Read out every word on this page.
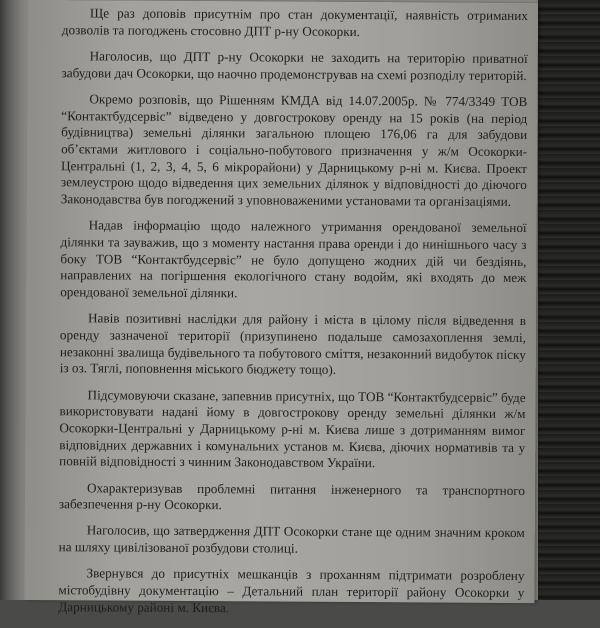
Ще раз доповів присутнім про стан документації, наявність отриманих дозволів та погоджень стосовно ДПТ р-ну Осокорки.

Наголосив, що ДПТ р-ну Осокорки не заходить на територію приватної забудови дач Осокорки, що наочно продемонстрував на схемі розподілу територій.

Окремо розповів, що Рішенням КМДА від 14.07.2005р. № 774/3349 ТОВ “Контактбудсервіс” відведено у довгострокову оренду на 15 років (на період будівництва) земельні ділянки загальною площею 176,06 га для забудови об’єктами житлового і соціально-побутового призначення у ж/м Осокорки-Центральні (1, 2, 3, 4, 5, 6 мікрорайони) у Дарницькому р-ні м. Києва. Проект землеустрою щодо відведення цих земельних ділянок у відповідності до діючого Законодавства був погоджений з уповноваженими установами та організаціями.

Надав інформацію щодо належного утримання орендованої земельної ділянки та зауважив, що з моменту настання права оренди і до нинішнього часу з боку ТОВ “Контактбудсервіс” не було допущено жодних дій чи бездіянь, направлених на погіршення екологічного стану водойм, які входять до меж орендованої земельної ділянки.

Навів позитивні наслідки для району і міста в цілому після відведення в оренду зазначеної території (призупинено подальше самозахоплення землі, незаконні звалища будівельного та побутового сміття, незаконний видобуток піску із оз. Тяглі, поповнення міського бюджету тощо).

Підсумовуючи сказане, запевнив присутніх, що ТОВ “Контактбудсервіс” буде використовувати надані йому в довгострокову оренду земельні ділянки ж/м Осокорки-Центральні у Дарницькому р-ні м. Києва лише з дотриманням вимог відповідних державних і комунальних установ м. Києва, діючих нормативів та у повній відповідності з чинним Законодавством України.

Охарактеризував проблемні питання інженерного та транспортного забезпечення р-ну Осокорки.

Наголосив, що затвердження ДПТ Осокорки стане ще одним значним кроком на шляху цивілізованої розбудови столиці.

Звернувся до присутніх мешканців з проханням підтримати розроблену містобудівну документацію – Детальний план території району Осокорки у Дарницькому районі м. Києва.
